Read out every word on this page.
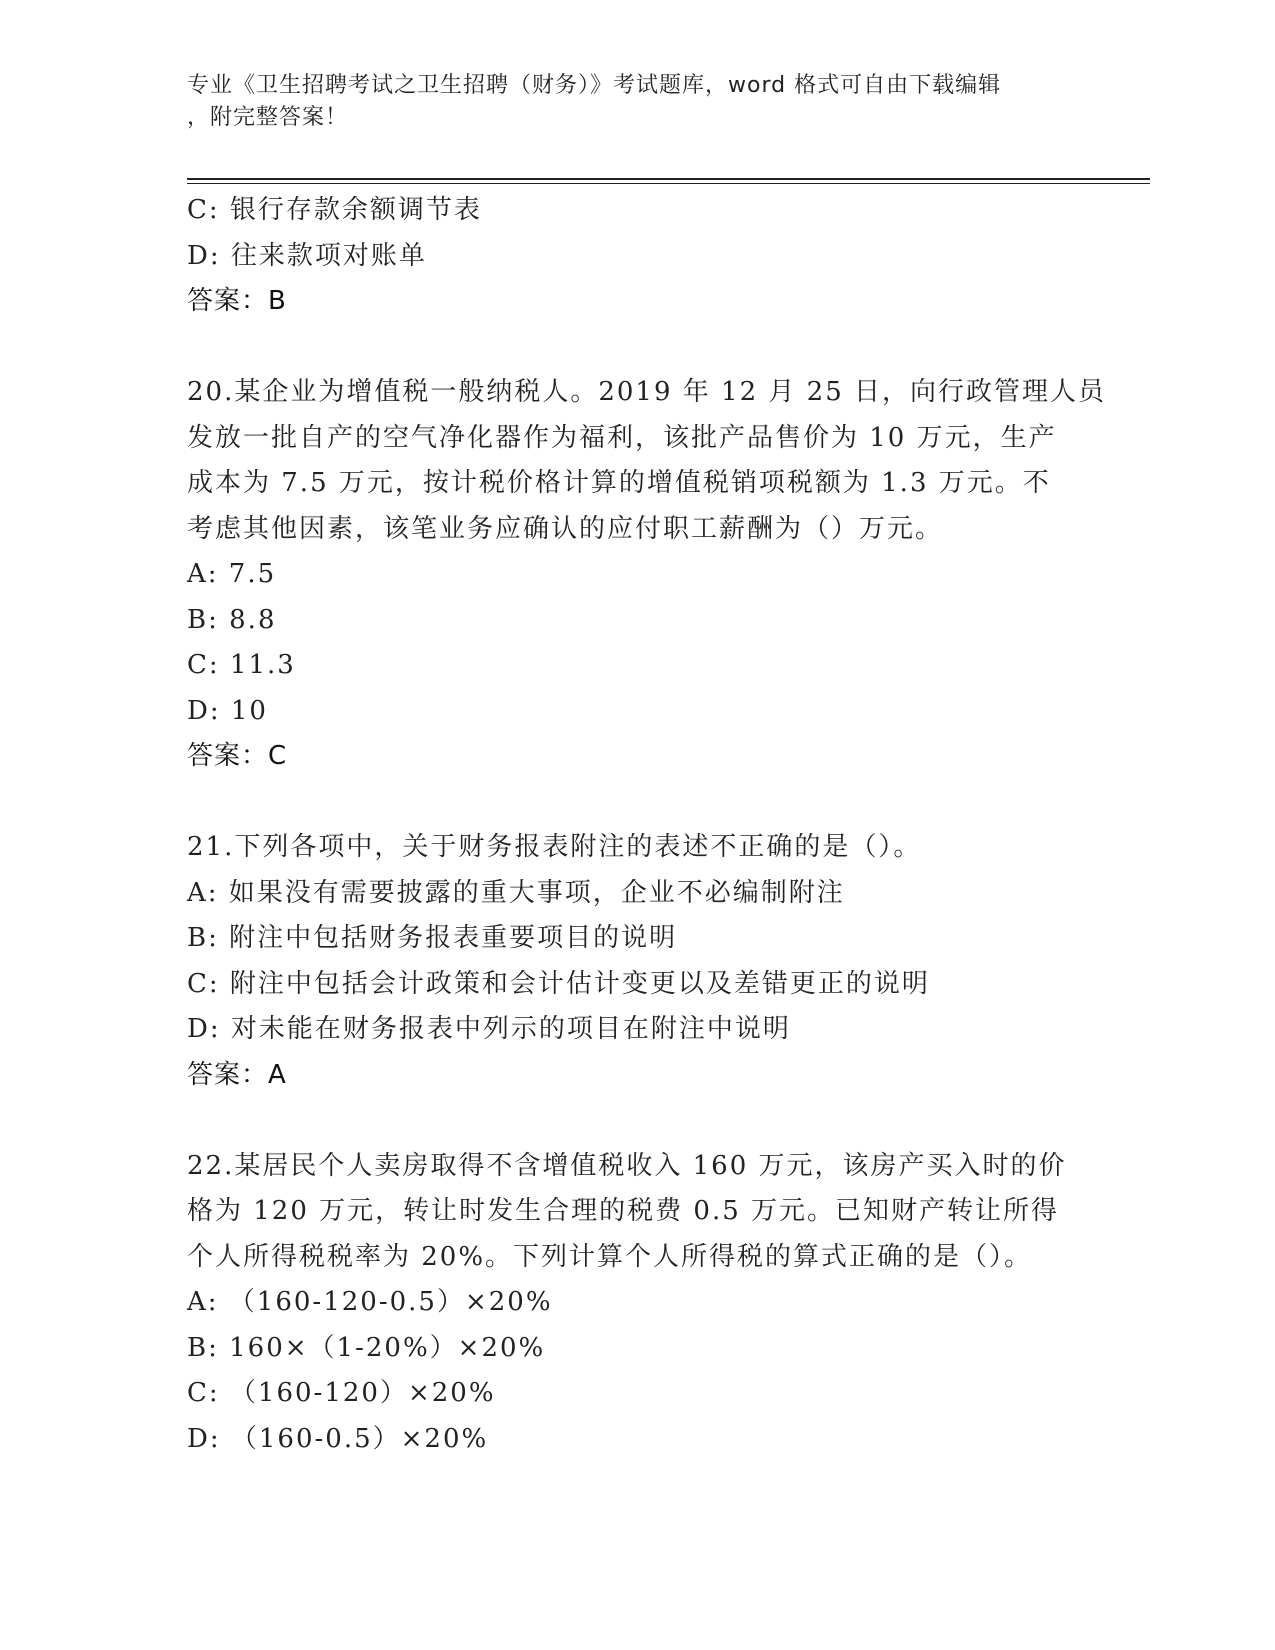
专业《卫生招聘考试之卫生招聘（财务）》考试题库，word 格式可自由下载编辑
，附完整答案！
C: 银行存款余额调节表
D: 往来款项对账单
答案：B
20.某企业为增值税一般纳税人。2019 年 12 月 25 日，向行政管理人员
发放一批自产的空气净化器作为福利，该批产品售价为 10 万元，生产
成本为 7.5 万元，按计税价格计算的增值税销项税额为 1.3 万元。不
考虑其他因素，该笔业务应确认的应付职工薪酬为（）万元。
A: 7.5
B: 8.8
C: 11.3
D: 10
答案：C
21.下列各项中，关于财务报表附注的表述不正确的是（）。
A: 如果没有需要披露的重大事项，企业不必编制附注
B: 附注中包括财务报表重要项目的说明
C: 附注中包括会计政策和会计估计变更以及差错更正的说明
D: 对未能在财务报表中列示的项目在附注中说明
答案：A
22.某居民个人卖房取得不含增值税收入 160 万元，该房产买入时的价
格为 120 万元，转让时发生合理的税费 0.5 万元。已知财产转让所得
个人所得税税率为 20%。下列计算个人所得税的算式正确的是（）。
A: （160-120-0.5）×20%
B: 160×（1-20%）×20%
C: （160-120）×20%
D: （160-0.5）×20%
